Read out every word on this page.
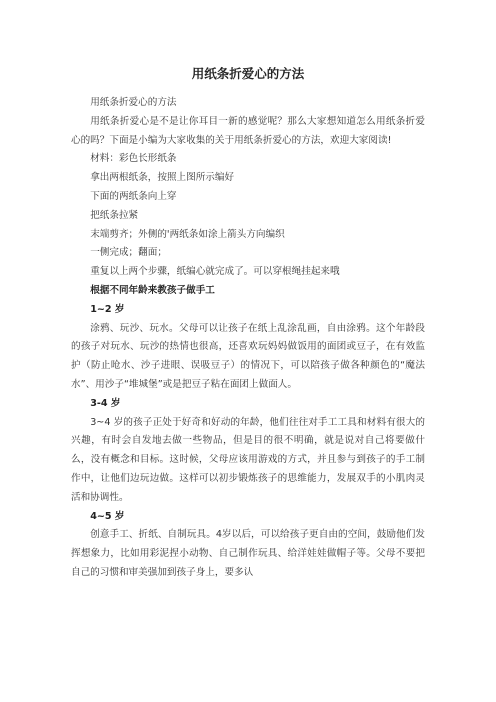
用纸条折爱心的方法

用纸条折爱心的方法

用纸条折爱心是不是让你耳目一新的感觉呢？那么大家想知道怎么用纸条折爱心的吗？下面是小编为大家收集的关于用纸条折爱心的方法，欢迎大家阅读!

材料：彩色长形纸条

拿出两根纸条，按照上图所示编好

下面的两纸条向上穿

把纸条拉紧

末端剪齐；外侧的'两纸条如涂上箭头方向编织

一侧完成；翻面；

重复以上两个步骤，纸编心就完成了。可以穿根绳挂起来哦

根据不同年龄来教孩子做手工

1~2 岁

涂鸦、玩沙、玩水。父母可以让孩子在纸上乱涂乱画，自由涂鸦。这个年龄段的孩子对玩水、玩沙的热情也很高，还喜欢玩妈妈做饭用的面团或豆子，在有效监护（防止呛水、沙子进眼、误吸豆子）的情况下，可以陪孩子做各种颜色的“魔法水”、用沙子“堆城堡”或是把豆子粘在面团上做面人。

3-4 岁

3~4 岁的孩子正处于好奇和好动的年龄，他们往往对手工工具和材料有很大的兴趣，有时会自发地去做一些物品，但是目的很不明确，就是说对自己将要做什么，没有概念和目标。这时候，父母应该用游戏的方式，并且参与到孩子的手工制作中，让他们边玩边做。这样可以初步锻炼孩子的思维能力，发展双手的小肌肉灵活和协调性。

4~5 岁

创意手工、折纸、自制玩具。4岁以后，可以给孩子更自由的空间，鼓励他们发挥想象力，比如用彩泥捏小动物、自己制作玩具、给洋娃娃做帽子等。父母不要把自己的习惯和审美强加到孩子身上，要多认
